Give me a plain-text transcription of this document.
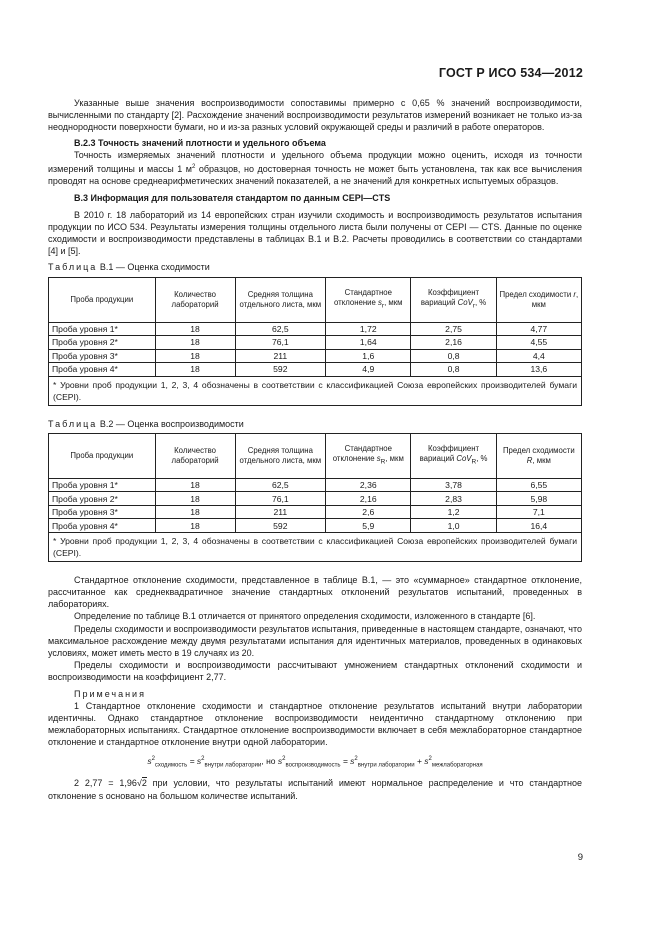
ГОСТ Р ИСО 534—2012

Указанные выше значения воспроизводимости сопоставимы примерно с 0,65 % значений воспроизводимости, вычисленными по стандарту [2]. Расхождение значений воспроизводимости результатов измерений возникает не только из-за неоднородности поверхности бумаги, но и из-за разных условий окружающей среды и различий в работе операторов.

В.2.3 Точность значений плотности и удельного объема

Точность измеряемых значений плотности и удельного объема продукции можно оценить, исходя из точности измерений толщины и массы 1 $м^2$ образцов, но достоверная точность не может быть установлена, так как все вычисления проводят на основе среднеарифметических значений показателей, а не значений для конкретных испытуемых образцов.

В.3 Информация для пользователя стандартом по данным CEPI—CTS

В 2010 г. 18 лабораторий из 14 европейских стран изучили сходимость и воспроизводимость результатов испытания продукции по ИСО 534. Результаты измерения толщины отдельного листа были получены от CEPI — CTS. Данные по оценке сходимости и воспроизводимости представлены в таблицах В.1 и В.2. Расчеты проводились в соответствии со стандартами [4] и [5].

Таблица В.1 — Оценка сходимости

Проба продукции	Количество лабораторий	Средняя толщина отдельного листа, мкм	Стандартное отклонение $s_r$, мкм	Коэффициент вариаций CoV$_r$, %	Предел сходимости r, мкм
Проба уровня 1*	18	62,5	1,72	2,75	4,77
Проба уровня 2*	18	76,1	1,64	2,16	4,55
Проба уровня 3*	18	211	1,6	0,8	4,4
Проба уровня 4*	18	592	4,9	0,8	13,6
* Уровни проб продукции 1, 2, 3, 4 обозначены в соответствии с классификацией Союза европейских производителей бумаги (CEPI).					

Таблица В.2 — Оценка воспроизводимости

Проба продукции	Количество лабораторий	Средняя толщина отдельного листа, мкм	Стандартное отклонение $s_R$, мкм	Коэффициент вариаций CoV$_R$, %	Предел сходимости R, мкм
Проба уровня 1*	18	62,5	2,36	3,78	6,55
Проба уровня 2*	18	76,1	2,16	2,83	5,98
Проба уровня 3*	18	211	2,6	1,2	7,1
Проба уровня 4*	18	592	5,9	1,0	16,4
* Уровни проб продукции 1, 2, 3, 4 обозначены в соответствии с классификацией Союза европейских производителей бумаги (CEPI).					

Стандартное отклонение сходимости, представленное в таблице В.1, — это «суммарное» стандартное отклонение, рассчитанное как среднеквадратичное значение стандартных отклонений результатов испытаний, проведенных в лабораториях.

Определение по таблице В.1 отличается от принятого определения сходимости, изложенного в стандарте [6].

Пределы сходимости и воспроизводимости результатов испытания, приведенные в настоящем стандарте, означают, что максимальное расхождение между двумя результатами испытания для идентичных материалов, проведенных в одинаковых условиях, может иметь место в 19 случаях из 20.

Пределы сходимости и воспроизводимости рассчитывают умножением стандартных отклонений сходимости и воспроизводимости на коэффициент 2,77.

Примечания

1 Стандартное отклонение сходимости и стандартное отклонение результатов испытаний внутри лаборатории идентичны. Однако стандартное отклонение воспроизводимости неидентично стандартному отклонению при межлабораторных испытаниях. Стандартное отклонение воспроизводимости включает в себя межлабораторное стандартное отклонение и стандартное отклонение внутри одной лаборатории.

$s^2_{сходимость} = s^2_{внутри лаборатории}$, но $s^2_{воспроизводимость} = s^2_{внутри лаборатории} + s^2_{межлабораторная}$

2 2,77 = 1,96√2 при условии, что результаты испытаний имеют нормальное распределение и что стандартное отклонение s основано на большом количестве испытаний.

9
